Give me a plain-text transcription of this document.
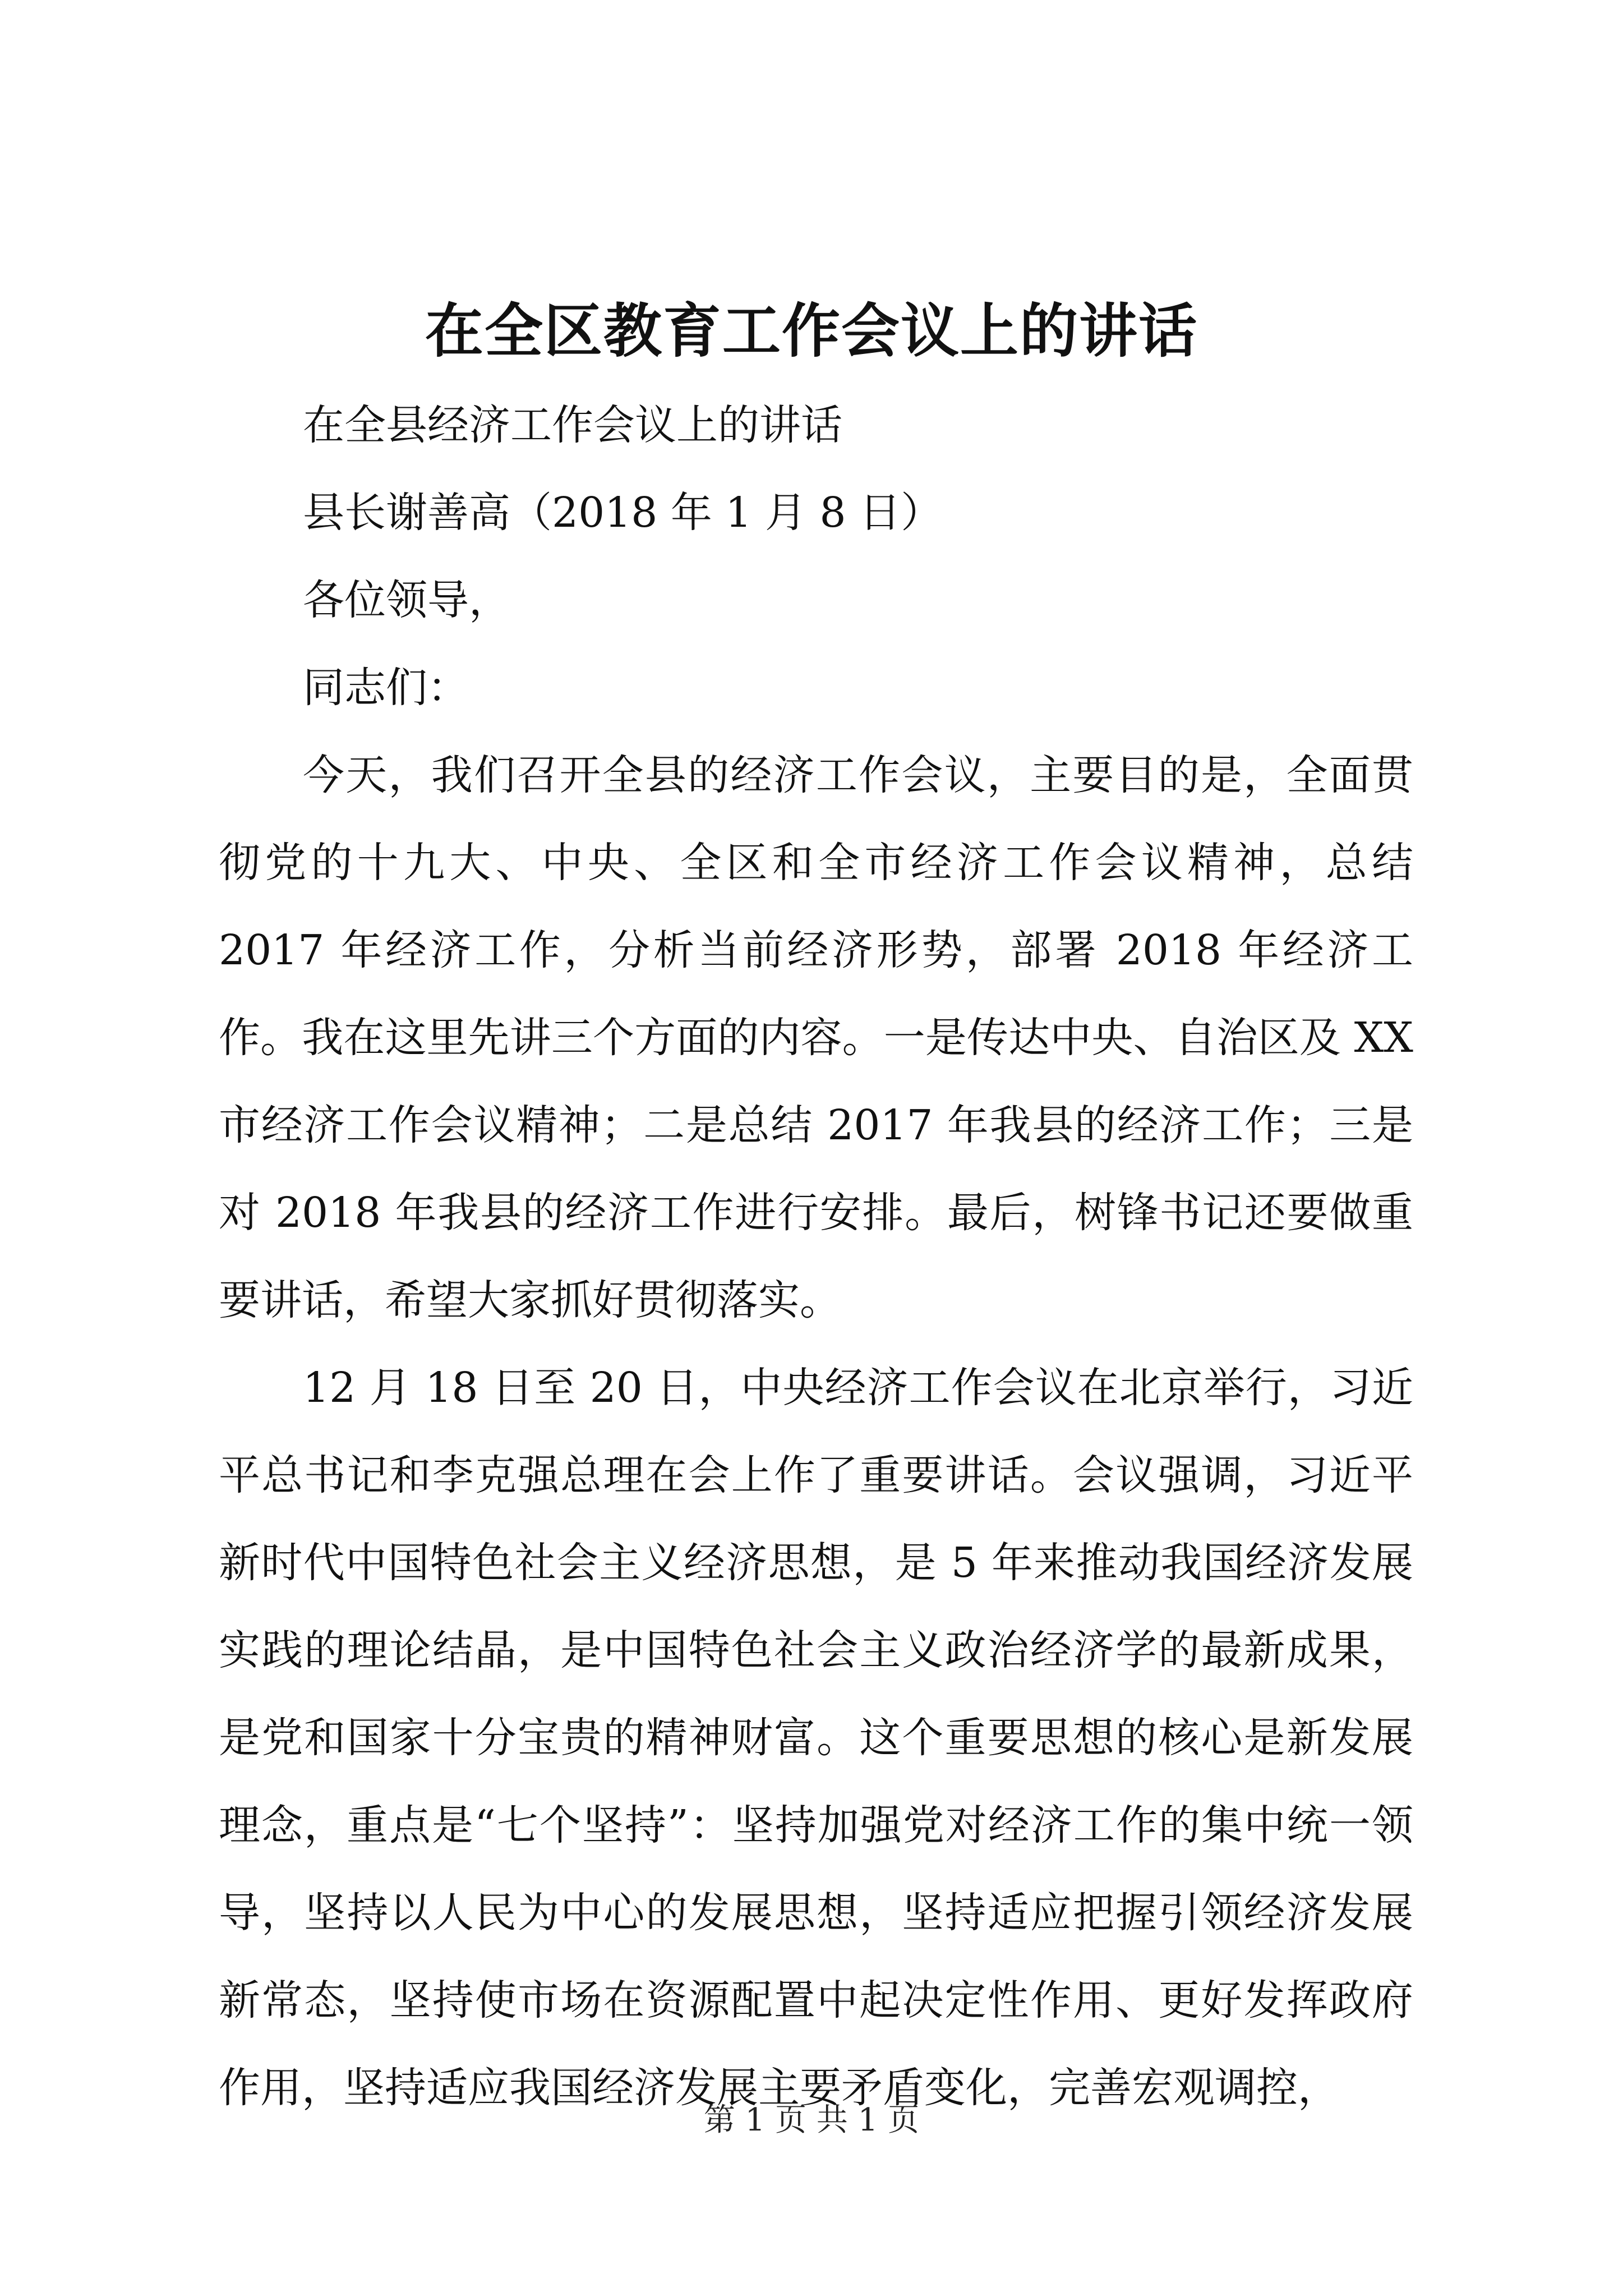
在全区教育工作会议上的讲话

在全县经济工作会议上的讲话

县长谢善高（2018 年 1 月 8 日）

各位领导，

同志们：

今天，我们召开全县的经济工作会议，主要目的是，全面贯彻党的十九大、中央、全区和全市经济工作会议精神，总结 2017 年经济工作，分析当前经济形势，部署 2018 年经济工作。我在这里先讲三个方面的内容。一是传达中央、自治区及 XX 市经济工作会议精神；二是总结 2017 年我县的经济工作；三是对 2018 年我县的经济工作进行安排。最后，树锋书记还要做重要讲话，希望大家抓好贯彻落实。

12 月 18 日至 20 日，中央经济工作会议在北京举行，习近平总书记和李克强总理在会上作了重要讲话。会议强调，习近平新时代中国特色社会主义经济思想，是 5 年来推动我国经济发展实践的理论结晶，是中国特色社会主义政治经济学的最新成果，是党和国家十分宝贵的精神财富。这个重要思想的核心是新发展理念，重点是“七个坚持”：坚持加强党对经济工作的集中统一领导，坚持以人民为中心的发展思想，坚持适应把握引领经济发展新常态，坚持使市场在资源配置中起决定性作用、更好发挥政府作用，坚持适应我国经济发展主要矛盾变化，完善宏观调控，

第 1 页 共 1 页
